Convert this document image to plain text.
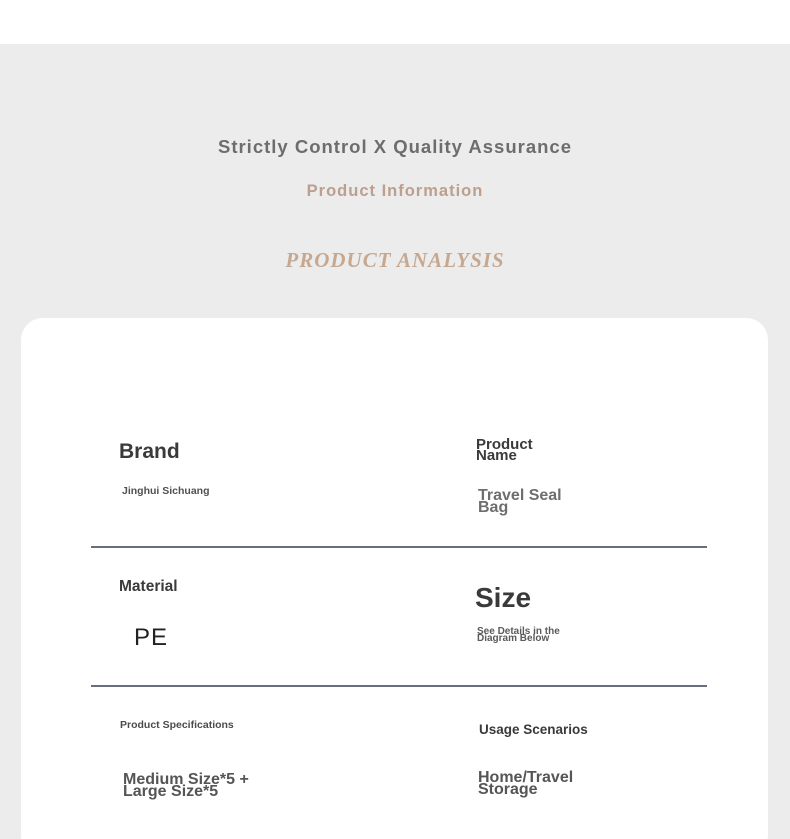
Strictly Control X Quality Assurance
Product Information
PRODUCT ANALYSIS

Brand

Jinghui Sichuang

Product Name

Travel Seal Bag

Material

PE

Size

See Details in the Diagram Below

Product Specifications

Medium Size*5 + Large Size*5

Usage Scenarios

Home/Travel Storage
